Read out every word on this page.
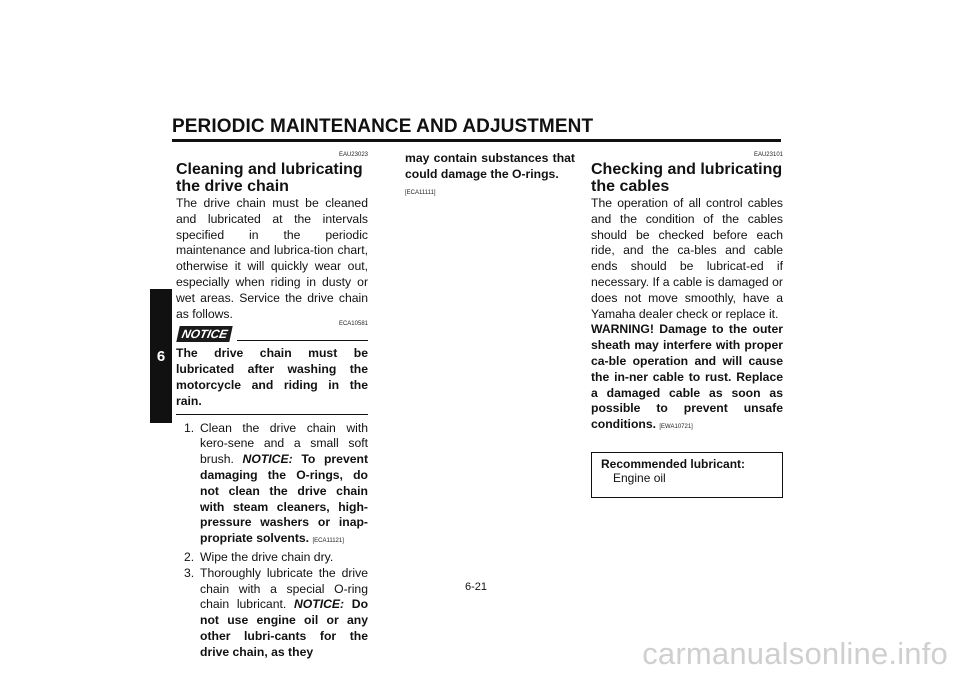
PERIODIC MAINTENANCE AND ADJUSTMENT
6
EAU23023
Cleaning and lubricating the drive chain

The drive chain must be cleaned and lubricated at the intervals specified in the periodic maintenance and lubrica-tion chart, otherwise it will quickly wear out, especially when riding in dusty or wet areas. Service the drive chain as follows.

NOTICE
ECA10581

The drive chain must be lubricated after washing the motorcycle and riding in the rain.

1. Clean the drive chain with kero-sene and a small soft brush. NOTICE: To prevent damaging the O-rings, do not clean the drive chain with steam cleaners, high-pressure washers or inap-propriate solvents. [ECA11121]
2. Wipe the drive chain dry.
3. Thoroughly lubricate the drive chain with a special O-ring chain lubricant. NOTICE: Do not use engine oil or any other lubri-cants for the drive chain, as they

may contain substances that could damage the O-rings.

[ECA11111]
EAU23101
Checking and lubricating the cables

The operation of all control cables and the condition of the cables should be checked before each ride, and the ca-bles and cable ends should be lubricat-ed if necessary. If a cable is damaged or does not move smoothly, have a Yamaha dealer check or replace it.

WARNING! Damage to the outer sheath may interfere with proper ca-ble operation and will cause the in-ner cable to rust. Replace a damaged cable as soon as possible to prevent unsafe conditions. [EWA10721]

Recommended lubricant:
Engine oil
6-21
carmanualsonline.info
